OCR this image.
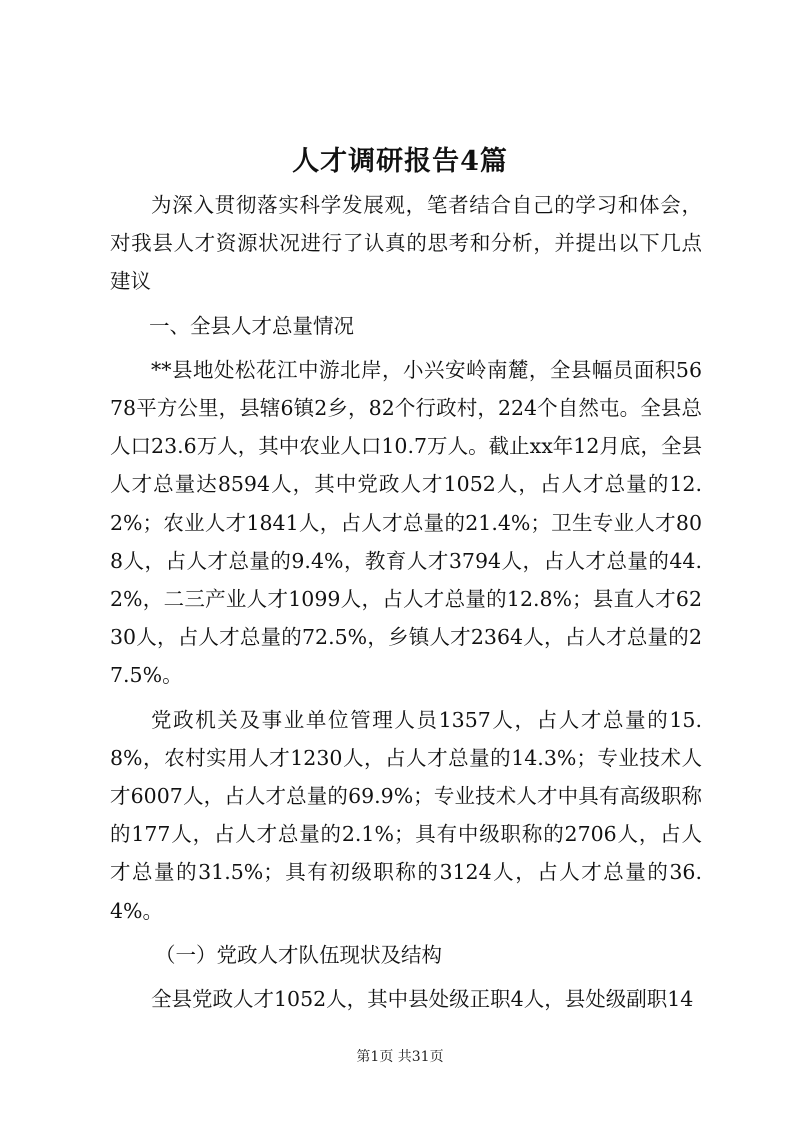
人才调研报告4篇

为深入贯彻落实科学发展观，笔者结合自己的学习和体会，对我县人才资源状况进行了认真的思考和分析，并提出以下几点建议

一、全县人才总量情况

**县地处松花江中游北岸，小兴安岭南麓，全县幅员面积5678平方公里，县辖6镇2乡，82个行政村，224个自然屯。全县总人口23.6万人，其中农业人口10.7万人。截止xx年12月底，全县人才总量达8594人，其中党政人才1052人，占人才总量的12.2%；农业人才1841人，占人才总量的21.4%；卫生专业人才808人，占人才总量的9.4%，教育人才3794人，占人才总量的44.2%，二三产业人才1099人，占人才总量的12.8%；县直人才6230人，占人才总量的72.5%，乡镇人才2364人，占人才总量的27.5%。

党政机关及事业单位管理人员1357人，占人才总量的15.8%，农村实用人才1230人，占人才总量的14.3%；专业技术人才6007人，占人才总量的69.9%；专业技术人才中具有高级职称的177人，占人才总量的2.1%；具有中级职称的2706人，占人才总量的31.5%；具有初级职称的3124人，占人才总量的36.4%。

（一）党政人才队伍现状及结构

全县党政人才1052人，其中县处级正职4人，县处级副职14

第1页 共31页
